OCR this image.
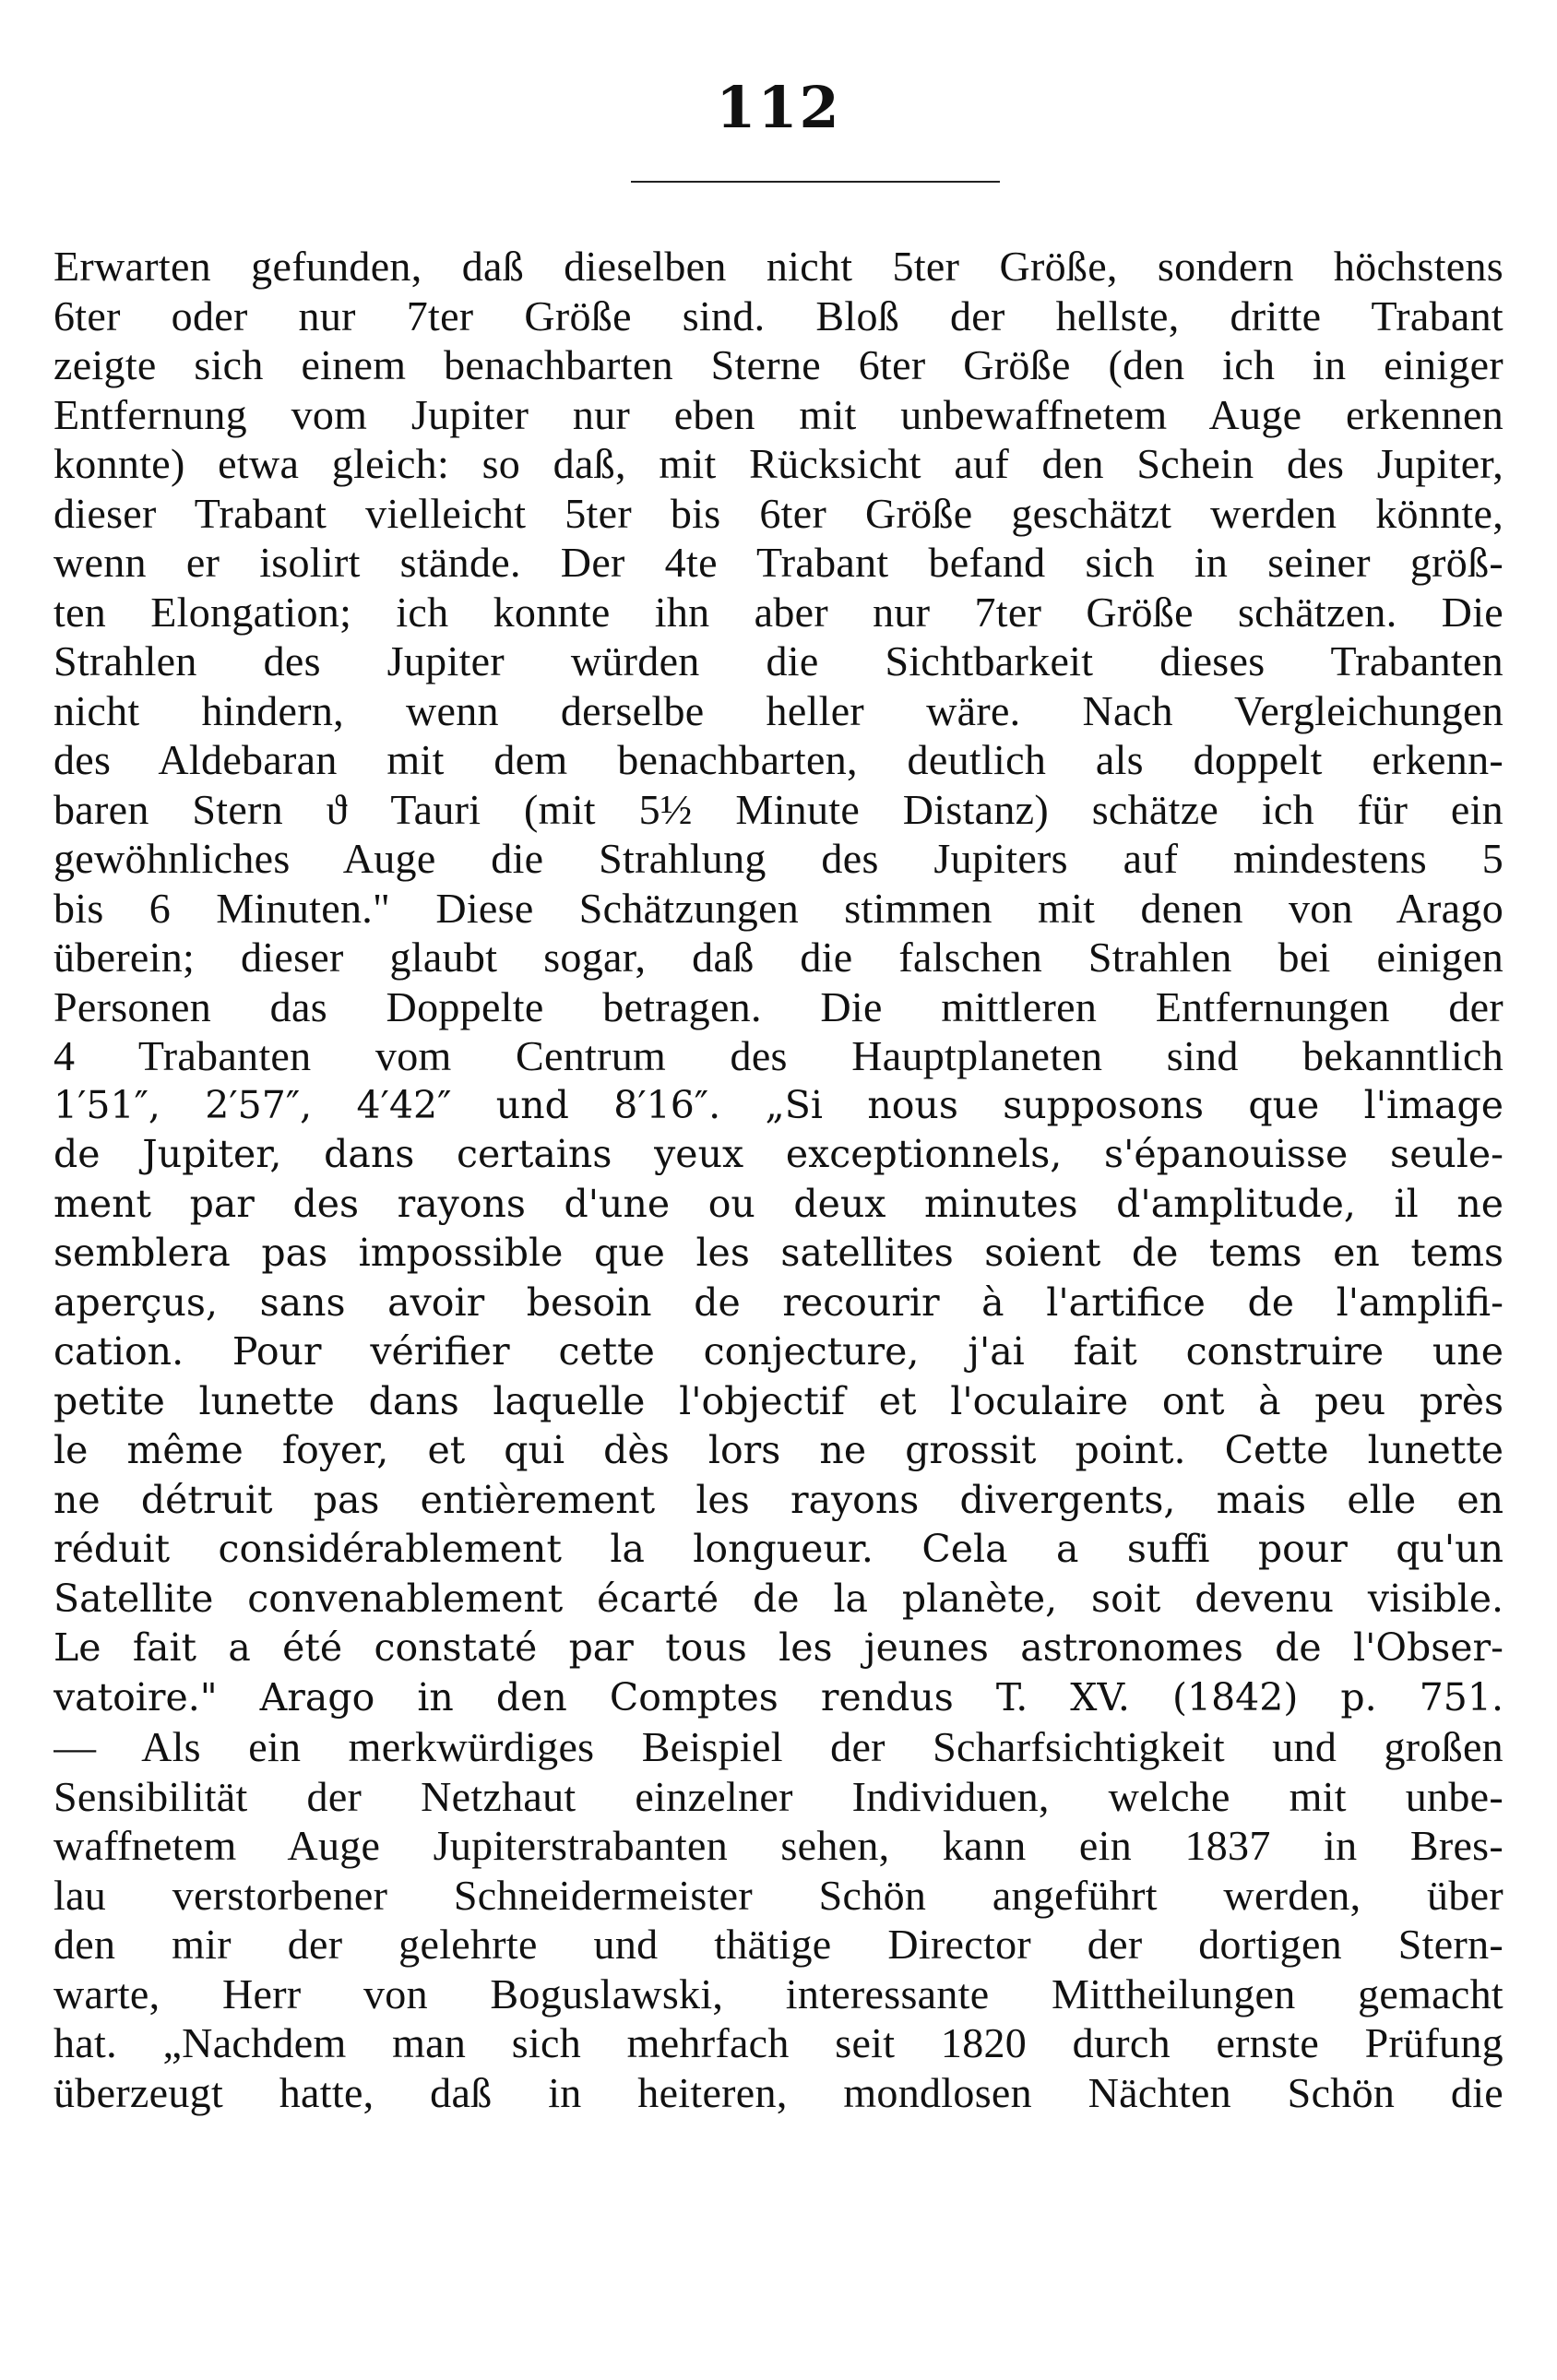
112
Erwarten gefunden, daß dieselben nicht 5ter Größe, sondern höchstens
6ter oder nur 7ter Größe sind. Bloß der hellste, dritte Trabant
zeigte sich einem benachbarten Sterne 6ter Größe (den ich in einiger
Entfernung vom Jupiter nur eben mit unbewaffnetem Auge erkennen
konnte) etwa gleich: so daß, mit Rücksicht auf den Schein des Jupiter,
dieser Trabant vielleicht 5ter bis 6ter Größe geschätzt werden könnte,
wenn er isolirt stände. Der 4te Trabant befand sich in seiner größ-
ten Elongation; ich konnte ihn aber nur 7ter Größe schätzen. Die
Strahlen des Jupiter würden die Sichtbarkeit dieses Trabanten
nicht hindern, wenn derselbe heller wäre. Nach Vergleichungen
des Aldebaran mit dem benachbarten, deutlich als doppelt erkenn-
baren Stern ϑ Tauri (mit 5½ Minute Distanz) schätze ich für ein
gewöhnliches Auge die Strahlung des Jupiters auf mindestens 5
bis 6 Minuten." Diese Schätzungen stimmen mit denen von Arago
überein; dieser glaubt sogar, daß die falschen Strahlen bei einigen
Personen das Doppelte betragen. Die mittleren Entfernungen der
4 Trabanten vom Centrum des Hauptplaneten sind bekanntlich
1′51″, 2′57″, 4′42″ und 8′16″. „Si nous supposons que l'image
de Jupiter, dans certains yeux exceptionnels, s'épanouisse seule-
ment par des rayons d'une ou deux minutes d'amplitude, il ne
semblera pas impossible que les satellites soient de tems en tems
aperçus, sans avoir besoin de recourir à l'artifice de l'amplifi-
cation. Pour vérifier cette conjecture, j'ai fait construire une
petite lunette dans laquelle l'objectif et l'oculaire ont à peu près
le même foyer, et qui dès lors ne grossit point. Cette lunette
ne détruit pas entièrement les rayons divergents, mais elle en
réduit considérablement la longueur. Cela a suffi pour qu'un
Satellite convenablement écarté de la planète, soit devenu visible.
Le fait a été constaté par tous les jeunes astronomes de l'Obser-
vatoire." Arago in den Comptes rendus T. XV. (1842) p. 751.
— Als ein merkwürdiges Beispiel der Scharfsichtigkeit und großen
Sensibilität der Netzhaut einzelner Individuen, welche mit unbe-
waffnetem Auge Jupiterstrabanten sehen, kann ein 1837 in Bres-
lau verstorbener Schneidermeister Schön angeführt werden, über
den mir der gelehrte und thätige Director der dortigen Stern-
warte, Herr von Boguslawski, interessante Mittheilungen gemacht
hat. „Nachdem man sich mehrfach seit 1820 durch ernste Prüfung
überzeugt hatte, daß in heiteren, mondlosen Nächten Schön die
